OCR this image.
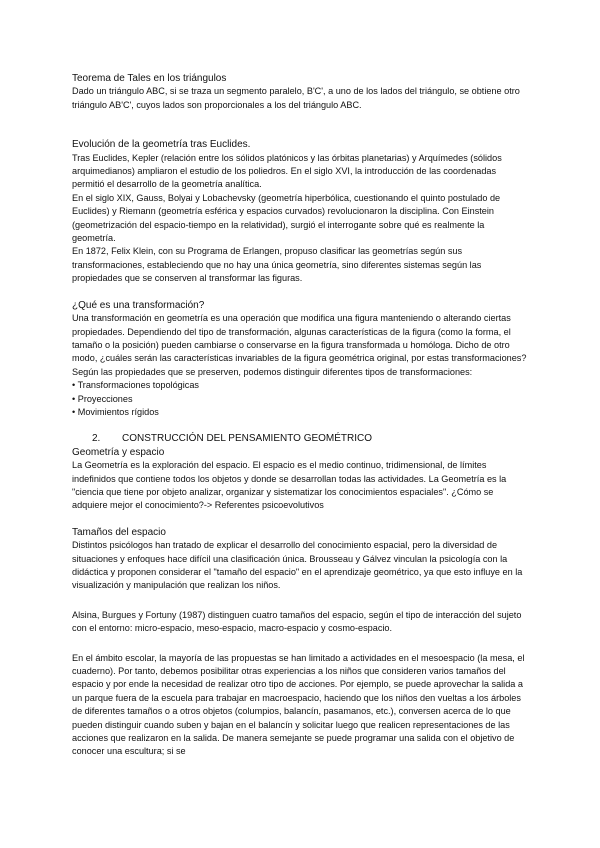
Teorema de Tales en los triángulos

Dado un triángulo ABC, si se traza un segmento paralelo, B'C', a uno de los lados del triángulo, se obtiene otro triángulo AB'C', cuyos lados son proporcionales a los del triángulo ABC.

Evolución de la geometría tras Euclides.

Tras Euclides, Kepler (relación entre los sólidos platónicos y las órbitas planetarias) y Arquímedes (sólidos arquimedianos) ampliaron el estudio de los poliedros. En el siglo XVI, la introducción de las coordenadas permitió el desarrollo de la geometría analítica.

En el siglo XIX, Gauss, Bolyai y Lobachevsky (geometría hiperbólica, cuestionando el quinto postulado de Euclides) y Riemann (geometría esférica y espacios curvados) revolucionaron la disciplina. Con Einstein (geometrización del espacio-tiempo en la relatividad), surgió el interrogante sobre qué es realmente la geometría.

En 1872, Felix Klein, con su Programa de Erlangen, propuso clasificar las geometrías según sus transformaciones, estableciendo que no hay una única geometría, sino diferentes sistemas según las propiedades que se conserven al transformar las figuras.

¿Qué es una transformación?

Una transformación en geometría es una operación que modifica una figura manteniendo o alterando ciertas propiedades. Dependiendo del tipo de transformación, algunas características de la figura (como la forma, el tamaño o la posición) pueden cambiarse o conservarse en la figura transformada u homóloga. Dicho de otro modo, ¿cuáles serán las características invariables de la figura geométrica original, por estas transformaciones?

Según las propiedades que se preserven, podemos distinguir diferentes tipos de transformaciones:

• Transformaciones topológicas

• Proyecciones

• Movimientos rígidos

2. CONSTRUCCIÓN DEL PENSAMIENTO GEOMÉTRICO

Geometría y espacio

La Geometría es la exploración del espacio. El espacio es el medio continuo, tridimensional, de límites indefinidos que contiene todos los objetos y donde se desarrollan todas las actividades. La Geometría es la "ciencia que tiene por objeto analizar, organizar y sistematizar los conocimientos espaciales". ¿Cómo se adquiere mejor el conocimiento?-> Referentes psicoevolutivos

Tamaños del espacio

Distintos psicólogos han tratado de explicar el desarrollo del conocimiento espacial, pero la diversidad de situaciones y enfoques hace difícil una clasificación única. Brousseau y Gálvez vinculan la psicología con la didáctica y proponen considerar el "tamaño del espacio" en el aprendizaje geométrico, ya que esto influye en la visualización y manipulación que realizan los niños.

Alsina, Burgues y Fortuny (1987) distinguen cuatro tamaños del espacio, según el tipo de interacción del sujeto con el entorno: micro-espacio, meso-espacio, macro-espacio y cosmo-espacio.

En el ámbito escolar, la mayoría de las propuestas se han limitado a actividades en el mesoespacio (la mesa, el cuaderno). Por tanto, debemos posibilitar otras experiencias a los niños que consideren varios tamaños del espacio y por ende la necesidad de realizar otro tipo de acciones. Por ejemplo, se puede aprovechar la salida a un parque fuera de la escuela para trabajar en macroespacio, haciendo que los niños den vueltas a los árboles de diferentes tamaños o a otros objetos (columpios, balancín, pasamanos, etc.), conversen acerca de lo que pueden distinguir cuando suben y bajan en el balancín y solicitar luego que realicen representaciones de las acciones que realizaron en la salida. De manera semejante se puede programar una salida con el objetivo de conocer una escultura; si se
